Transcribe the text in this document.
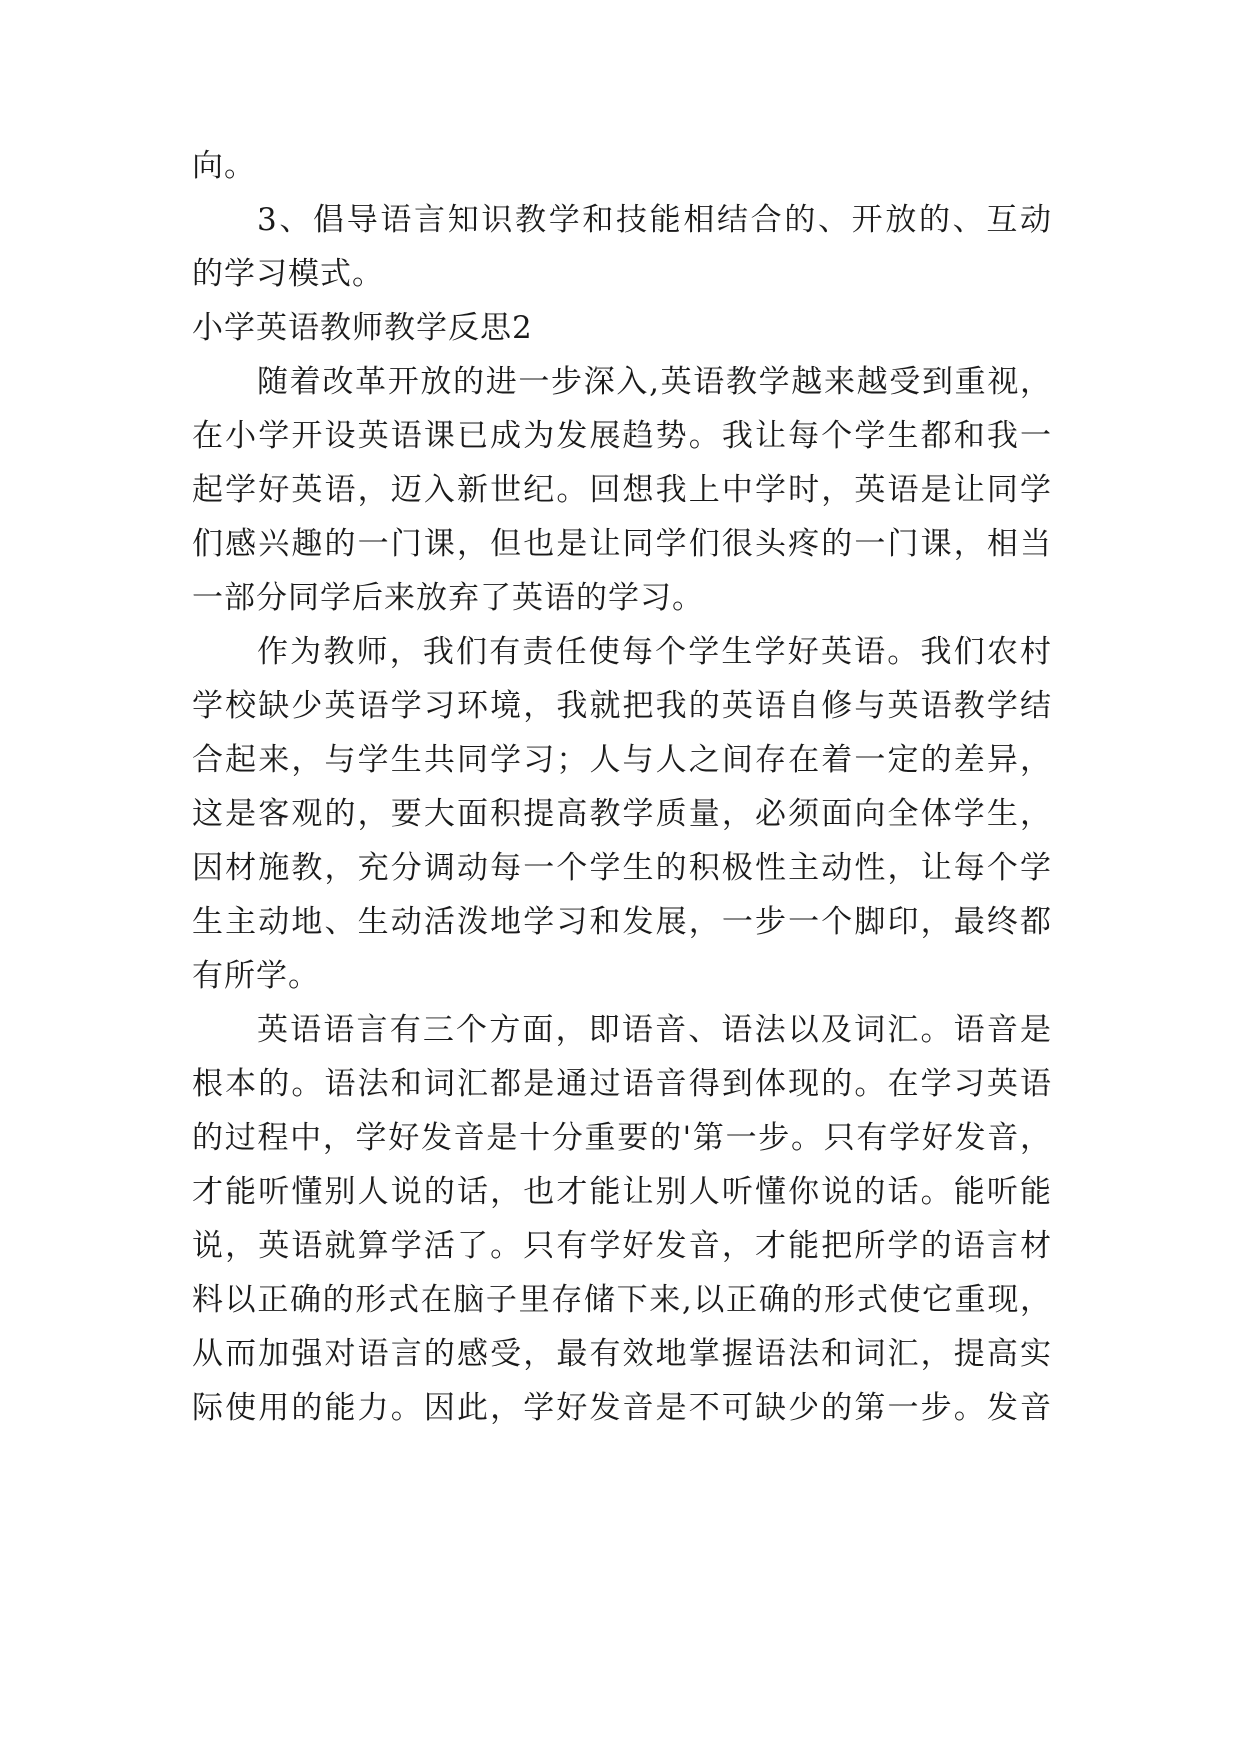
向。
3、倡导语言知识教学和技能相结合的、开放的、互动
的学习模式。
小学英语教师教学反思2
随着改革开放的进一步深入,英语教学越来越受到重视，
在小学开设英语课已成为发展趋势。我让每个学生都和我一
起学好英语，迈入新世纪。回想我上中学时，英语是让同学
们感兴趣的一门课，但也是让同学们很头疼的一门课，相当
一部分同学后来放弃了英语的学习。
作为教师，我们有责任使每个学生学好英语。我们农村
学校缺少英语学习环境，我就把我的英语自修与英语教学结
合起来，与学生共同学习；人与人之间存在着一定的差异，
这是客观的，要大面积提高教学质量，必须面向全体学生，
因材施教，充分调动每一个学生的积极性主动性，让每个学
生主动地、生动活泼地学习和发展，一步一个脚印，最终都
有所学。
英语语言有三个方面，即语音、语法以及词汇。语音是
根本的。语法和词汇都是通过语音得到体现的。在学习英语
的过程中，学好发音是十分重要的'第一步。只有学好发音，
才能听懂别人说的话，也才能让别人听懂你说的话。能听能
说，英语就算学活了。只有学好发音，才能把所学的语言材
料以正确的形式在脑子里存储下来,以正确的形式使它重现，
从而加强对语言的感受，最有效地掌握语法和词汇，提高实
际使用的能力。因此，学好发音是不可缺少的第一步。发音
